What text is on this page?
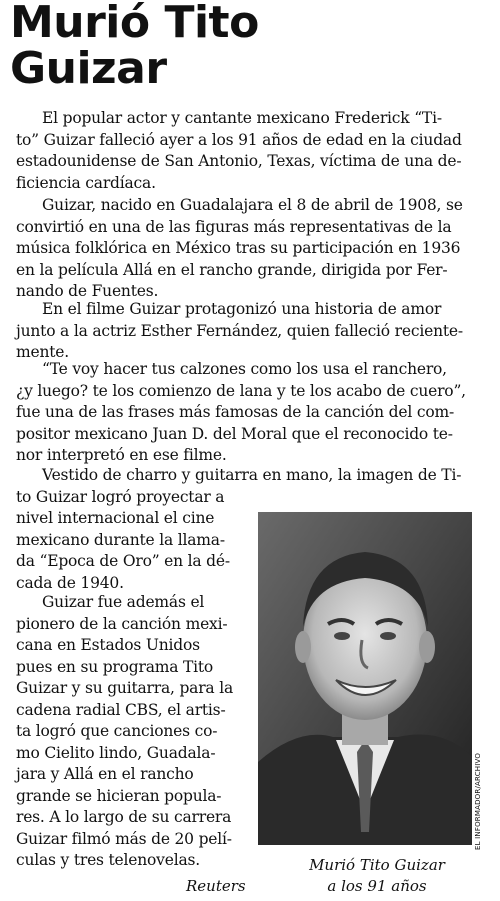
Murió Tito
Guizar

El popular actor y cantante mexicano Frederick “Ti-
to” Guizar falleció ayer a los 91 años de edad en la ciudad
estadounidense de San Antonio, Texas, víctima de una de-
ficiencia cardíaca.

Guizar, nacido en Guadalajara el 8 de abril de 1908, se
convirtió en una de las figuras más representativas de la
música folklórica en México tras su participación en 1936
en la película Allá en el rancho grande, dirigida por Fer-
nando de Fuentes.

En el filme Guizar protagonizó una historia de amor
junto a la actriz Esther Fernández, quien falleció reciente-
mente.

“Te voy hacer tus calzones como los usa el ranchero,
¿y luego? te los comienzo de lana y te los acabo de cuero”,
fue una de las frases más famosas de la canción del com-
positor mexicano Juan D. del Moral que el reconocido te-
nor interpretó en ese filme.

Vestido de charro y guitarra en mano, la imagen de Ti-
to Guizar logró proyectar a
nivel internacional el cine
mexicano durante la llama-
da “Epoca de Oro” en la dé-
cada de 1940.

Guizar fue además el
pionero de la canción mexi-
cana en Estados Unidos
pues en su programa Tito
Guizar y su guitarra, para la
cadena radial CBS, el artis-
ta logró que canciones co-
mo Cielito lindo, Guadala-
jara y Allá en el rancho
grande se hicieran popula-
res. A lo largo de su carrera
Guizar filmó más de 20 pelí-
culas y tres telenovelas.

EL INFORMADOR/ARCHIVO
Murió Tito Guizar
a los 91 años
Reuters
